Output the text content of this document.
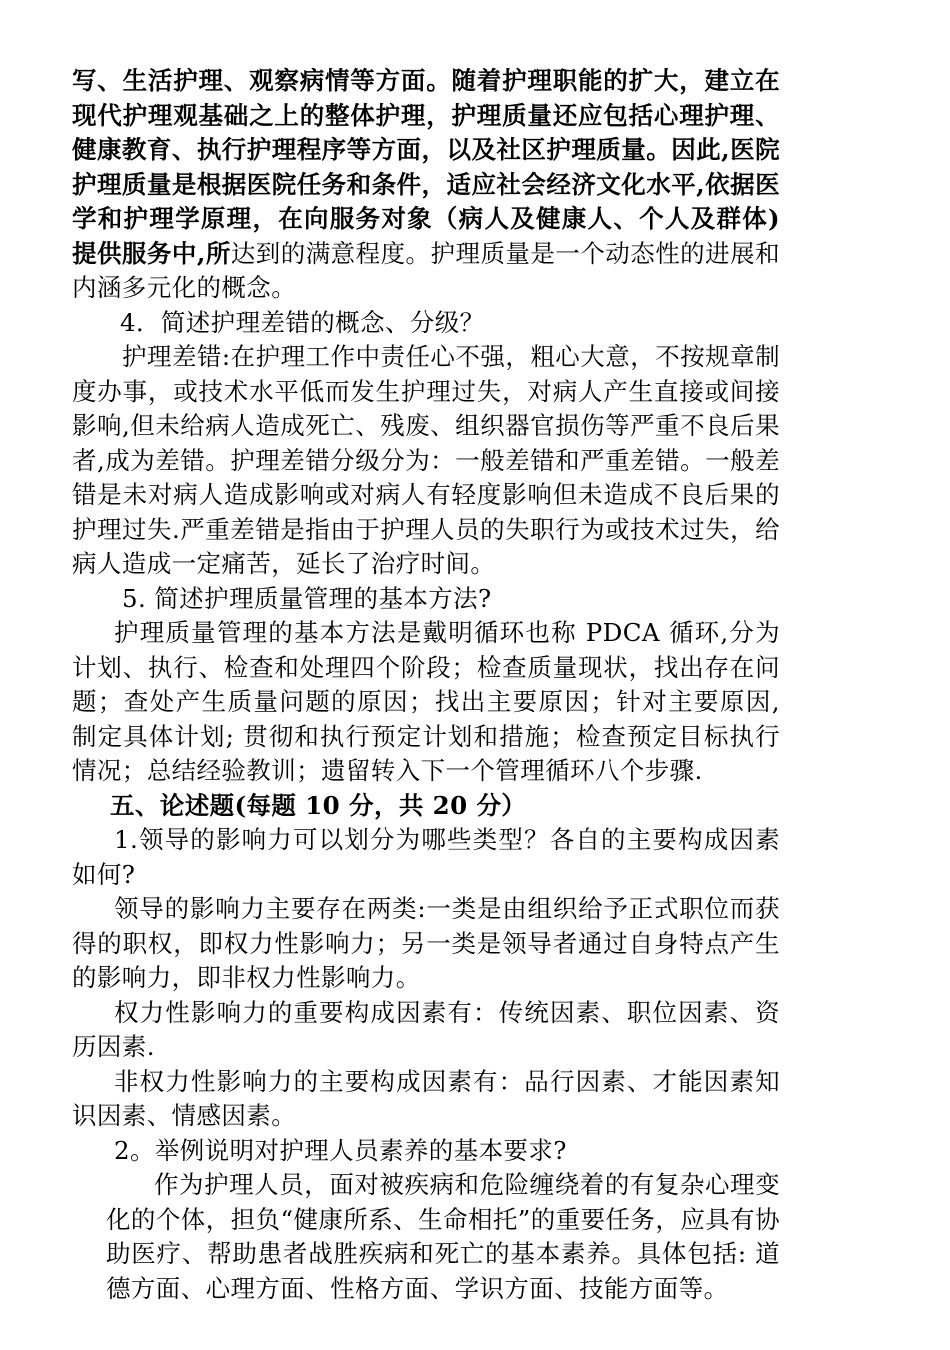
写、生活护理、观察病情等方面。随着护理职能的扩大，建立在现代护理观基础之上的整体护理，护理质量还应包括心理护理、健康教育、执行护理程序等方面，以及社区护理质量。因此,医院护理质量是根据医院任务和条件，适应社会经济文化水平,依据医学和护理学原理，在向服务对象（病人及健康人、个人及群体)提供服务中,所达到的满意程度。护理质量是一个动态性的进展和内涵多元化的概念。

4．简述护理差错的概念、分级？

护理差错:在护理工作中责任心不强，粗心大意，不按规章制度办事，或技术水平低而发生护理过失，对病人产生直接或间接影响,但未给病人造成死亡、残废、组织器官损伤等严重不良后果者,成为差错。护理差错分级分为：一般差错和严重差错。一般差错是未对病人造成影响或对病人有轻度影响但未造成不良后果的护理过失.严重差错是指由于护理人员的失职行为或技术过失，给病人造成一定痛苦，延长了治疗时间。

5. 简述护理质量管理的基本方法?

护理质量管理的基本方法是戴明循环也称 PDCA 循环,分为计划、执行、检查和处理四个阶段；检查质量现状，找出存在问题；查处产生质量问题的原因；找出主要原因；针对主要原因, 制定具体计划; 贯彻和执行预定计划和措施；检查预定目标执行情况；总结经验教训；遗留转入下一个管理循环八个步骤.

五、论述题(每题 10 分，共 20 分）

1.领导的影响力可以划分为哪些类型？各自的主要构成因素如何?

领导的影响力主要存在两类:一类是由组织给予正式职位而获得的职权，即权力性影响力；另一类是领导者通过自身特点产生的影响力，即非权力性影响力。

权力性影响力的重要构成因素有：传统因素、职位因素、资历因素.

非权力性影响力的主要构成因素有：品行因素、才能因素知识因素、情感因素。

2。举例说明对护理人员素养的基本要求?

作为护理人员，面对被疾病和危险缠绕着的有复杂心理变化的个体，担负“健康所系、生命相托”的重要任务，应具有协助医疗、帮助患者战胜疾病和死亡的基本素养。具体包括: 道德方面、心理方面、性格方面、学识方面、技能方面等。
